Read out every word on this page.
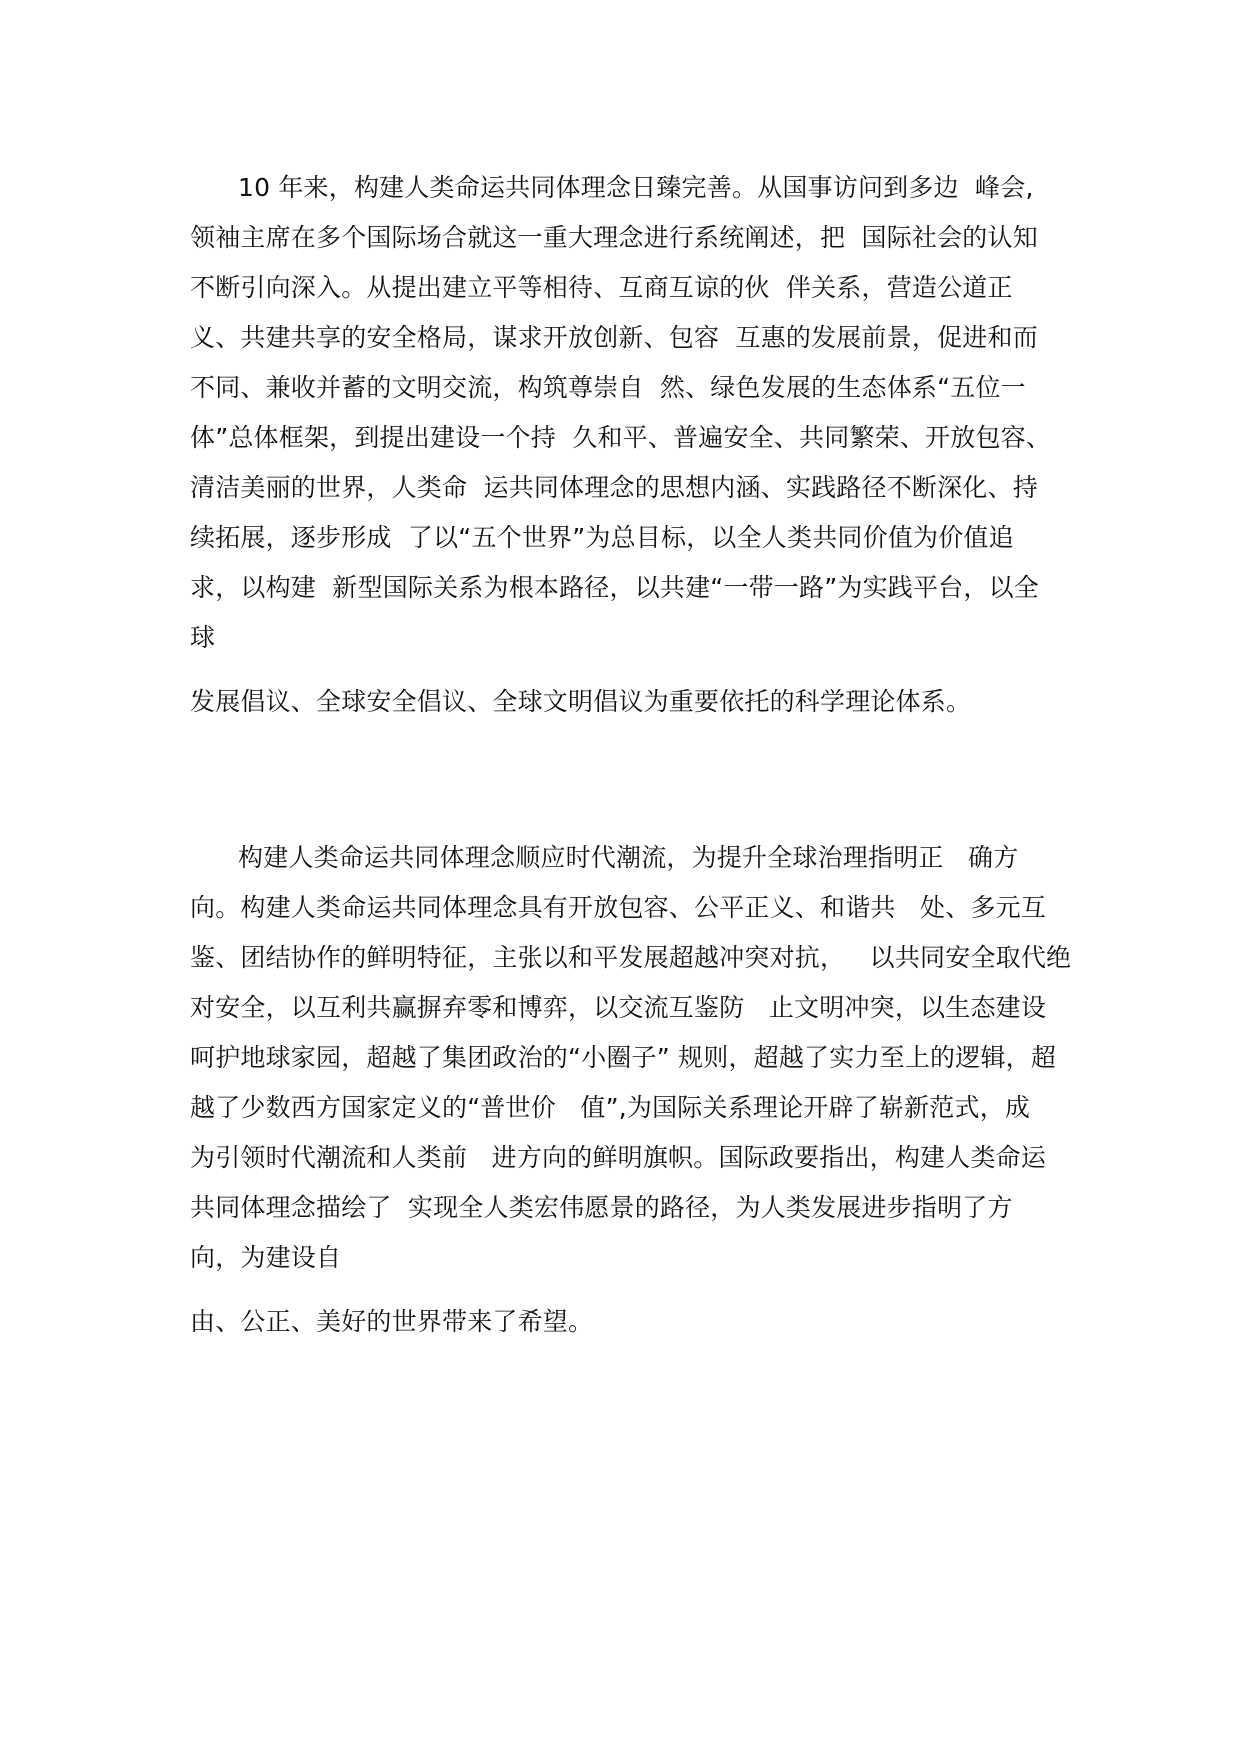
10 年来，构建人类命运共同体理念日臻完善。从国事访问到多边  峰会,
领袖主席在多个国际场合就这一重大理念进行系统阐述，把  国际社会的认知
不断引向深入。从提出建立平等相待、互商互谅的伙  伴关系，营造公道正
义、共建共享的安全格局，谋求开放创新、包容  互惠的发展前景，促进和而
不同、兼收并蓄的文明交流，构筑尊崇自  然、绿色发展的生态体系“五位一
体”总体框架，到提出建设一个持  久和平、普遍安全、共同繁荣、开放包容、
清洁美丽的世界，人类命  运共同体理念的思想内涵、实践路径不断深化、持
续拓展，逐步形成  了以“五个世界”为总目标，以全人类共同价值为价值追
求，以构建  新型国际关系为根本路径，以共建“一带一路”为实践平台，以全
球
发展倡议、全球安全倡议、全球文明倡议为重要依托的科学理论体系。
构建人类命运共同体理念顺应时代潮流，为提升全球治理指明正   确方
向。构建人类命运共同体理念具有开放包容、公平正义、和谐共   处、多元互
鉴、团结协作的鲜明特征，主张以和平发展超越冲突对抗，   以共同安全取代绝
对安全，以互利共赢摒弃零和博弈，以交流互鉴防   止文明冲突，以生态建设
呵护地球家园，超越了集团政治的“小圈子” 规则，超越了实力至上的逻辑，超
越了少数西方国家定义的“普世价   值”,为国际关系理论开辟了崭新范式，成
为引领时代潮流和人类前   进方向的鲜明旗帜。国际政要指出，构建人类命运
共同体理念描绘了  实现全人类宏伟愿景的路径，为人类发展进步指明了方
向，为建设自
由、公正、美好的世界带来了希望。
